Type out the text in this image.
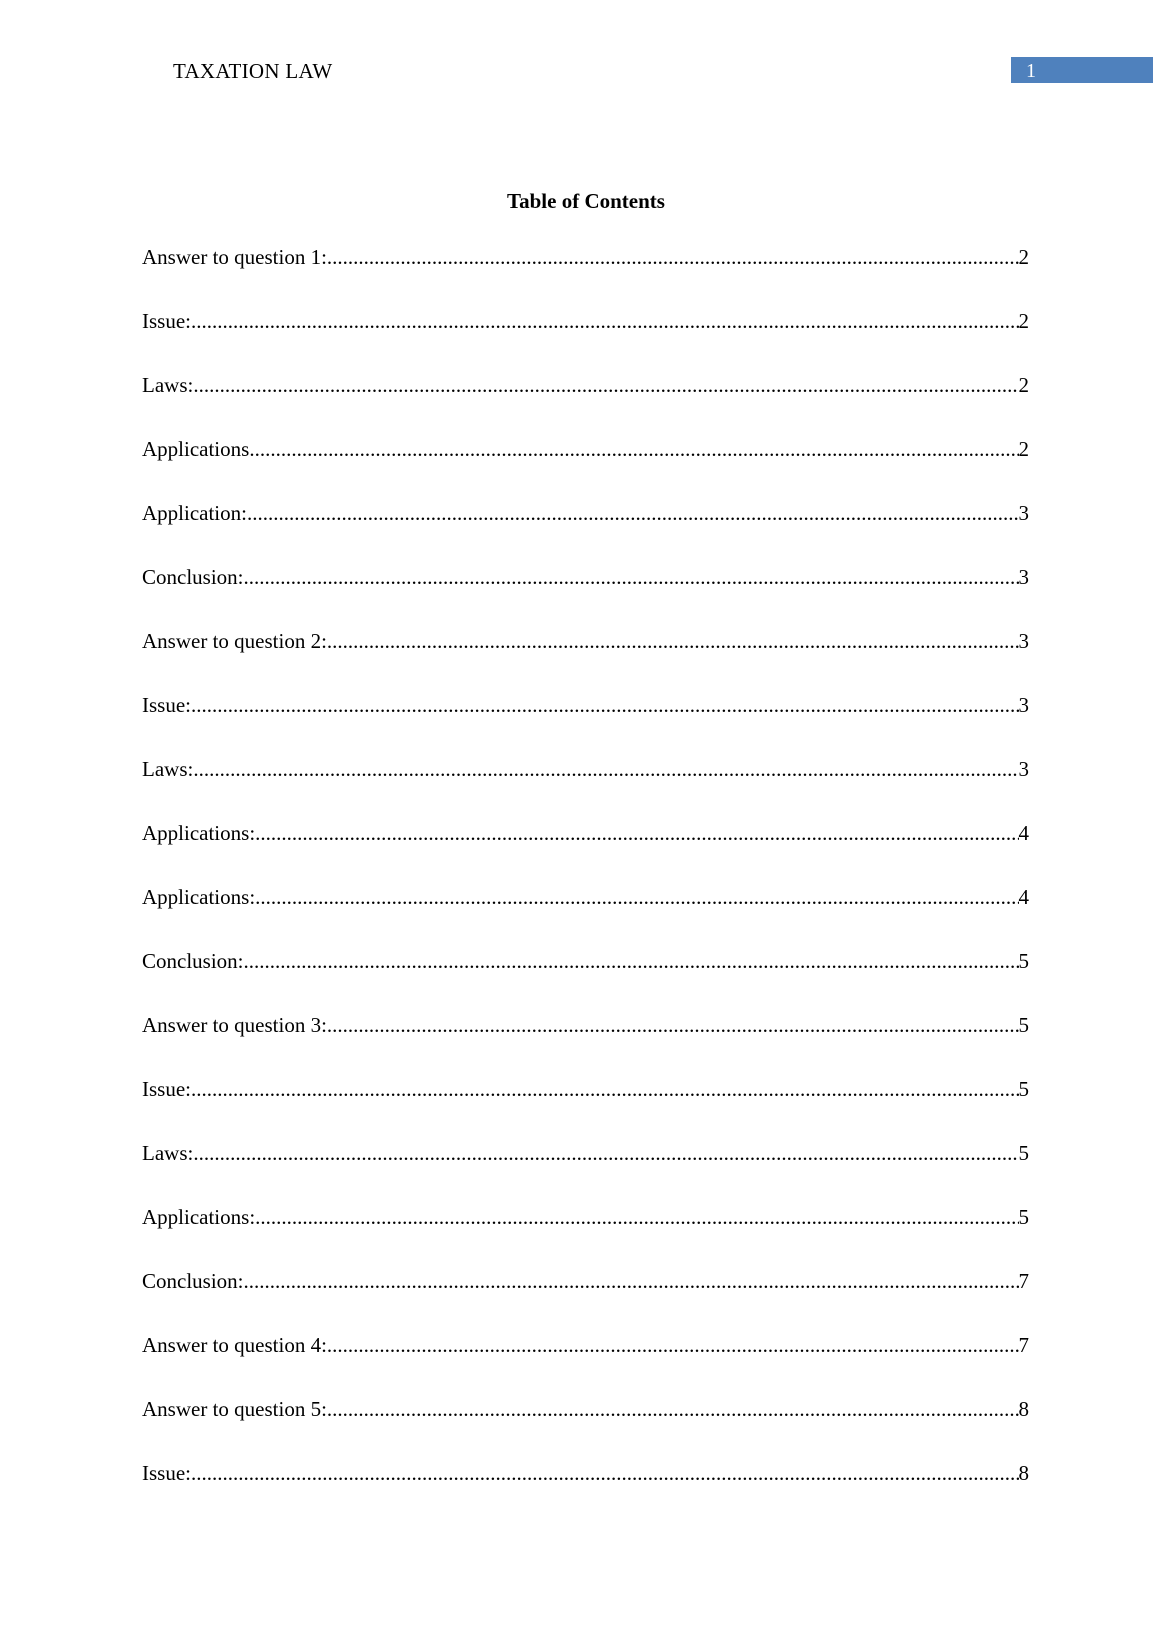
TAXATION LAW	1
Table of Contents
Answer to question 1: .....	2
Issue: .....	2
Laws: .....	2
Applications .....	2
Application: .....	3
Conclusion: .....	3
Answer to question 2: .....	3
Issue: .....	3
Laws: .....	3
Applications: .....	4
Applications: .....	4
Conclusion: .....	5
Answer to question 3: .....	5
Issue: .....	5
Laws: .....	5
Applications: .....	5
Conclusion: .....	7
Answer to question 4: .....	7
Answer to question 5: .....	8
Issue: .....	8
